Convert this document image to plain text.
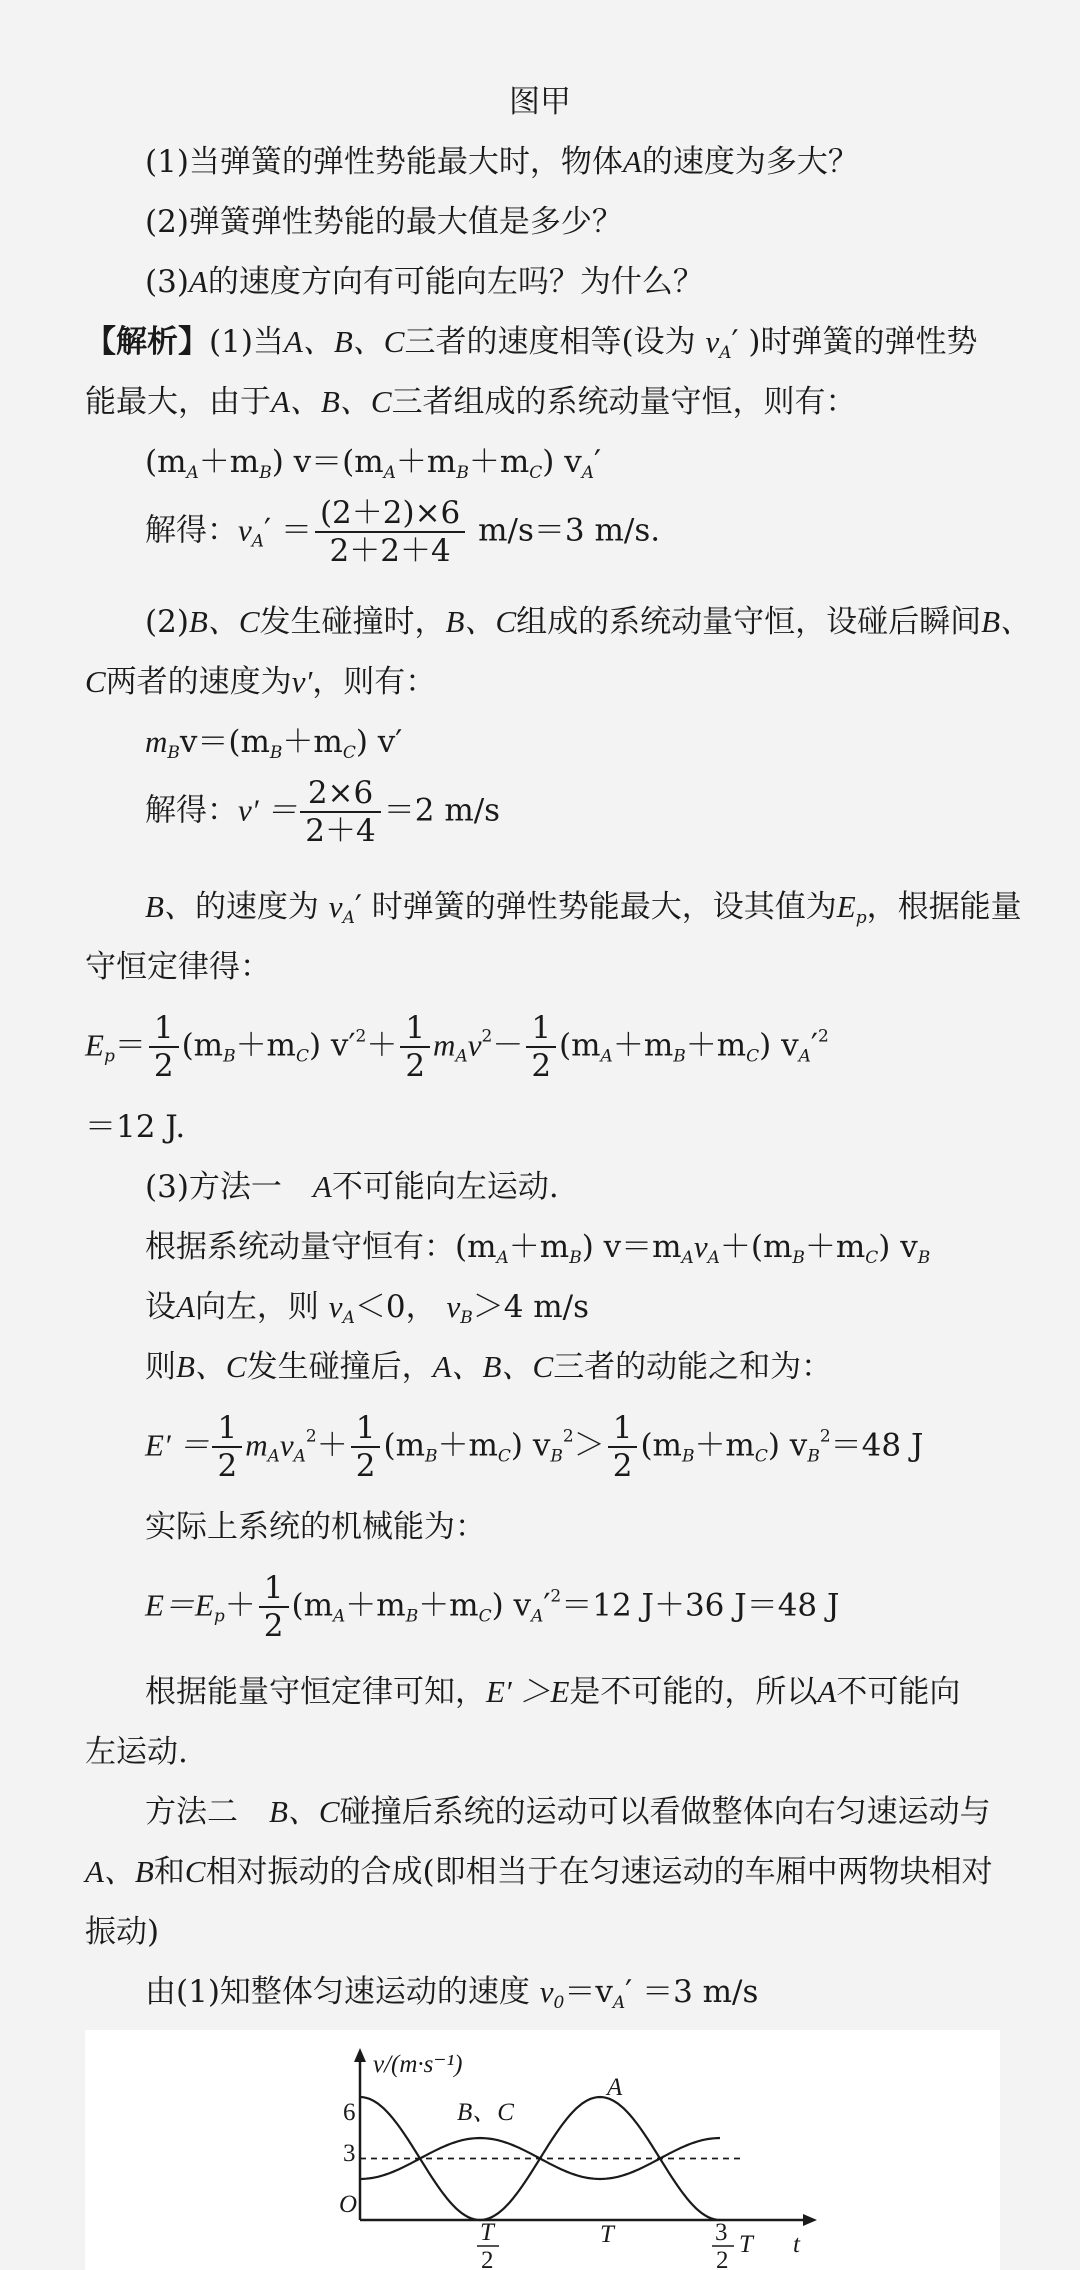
图甲
(1)当弹簧的弹性势能最大时，物体A的速度为多大？
(2)弹簧弹性势能的最大值是多少？
(3)A的速度方向有可能向左吗？为什么？
【解析】(1)当A、B、C三者的速度相等(设为 $v_A'$ )时弹簧的弹性势
能最大，由于A、B、C三者组成的系统动量守恒，则有：
$(m_A+m_B)$ $v=(m_A+m_B+m_C)$ $v_A'$
解得：$v_A' = \frac{(2+2)\times 6}{2+2+4} m/s=3$ m/s.
(2)B、C发生碰撞时，B、C组成的系统动量守恒，设碰后瞬间B、
C两者的速度为v′，则有：
$m_Bv=(m_B+m_C)$ v′
解得：$v' = \frac{2\times 6}{2+4} =2$ m/s
B、的速度为 $v_A'$ 时弹簧的弹性势能最大，设其值为$E_p$，根据能量
守恒定律得：
$E_p= \frac{1}{2} (m_B+m_C)$ $v'^2+ \frac{1}{2} m_Av^2- \frac{1}{2} (m_A+m_B+m_C)$ $v_A'^2$
＝12 J.
(3)方法一　A不可能向左运动.
根据系统动量守恒有：$(m_A+m_B)$ $v=m_Av_A+(m_B+m_C)$ $v_B$
设A向左，则 $v_A<0$， $v_B>4$ m/s
则B、C发生碰撞后，A、B、C三者的动能之和为：
$E' = \frac{1}{2} m_Av_A^2+ \frac{1}{2} (m_B+m_C)$ $v_B^2> \frac{1}{2} (m_B+m_C)$ $v_B^2=48$ J
实际上系统的机械能为：
$E=E_p+ \frac{1}{2} (m_A+m_B+m_C)$ $v_A'^2=12$ J＋36 J＝48 J
根据能量守恒定律可知，E′ ＞E是不可能的，所以A不可能向
左运动.
方法二　B、C碰撞后系统的运动可以看做整体向右匀速运动与
A、B和C相对振动的合成(即相当于在匀速运动的车厢中两物块相对
振动)
由(1)知整体匀速运动的速度 $v_0=v_A' =3$ m/s
v/(m·s⁻¹)
6
3
O
t
T
2
T	3
2
T
B、C
A
